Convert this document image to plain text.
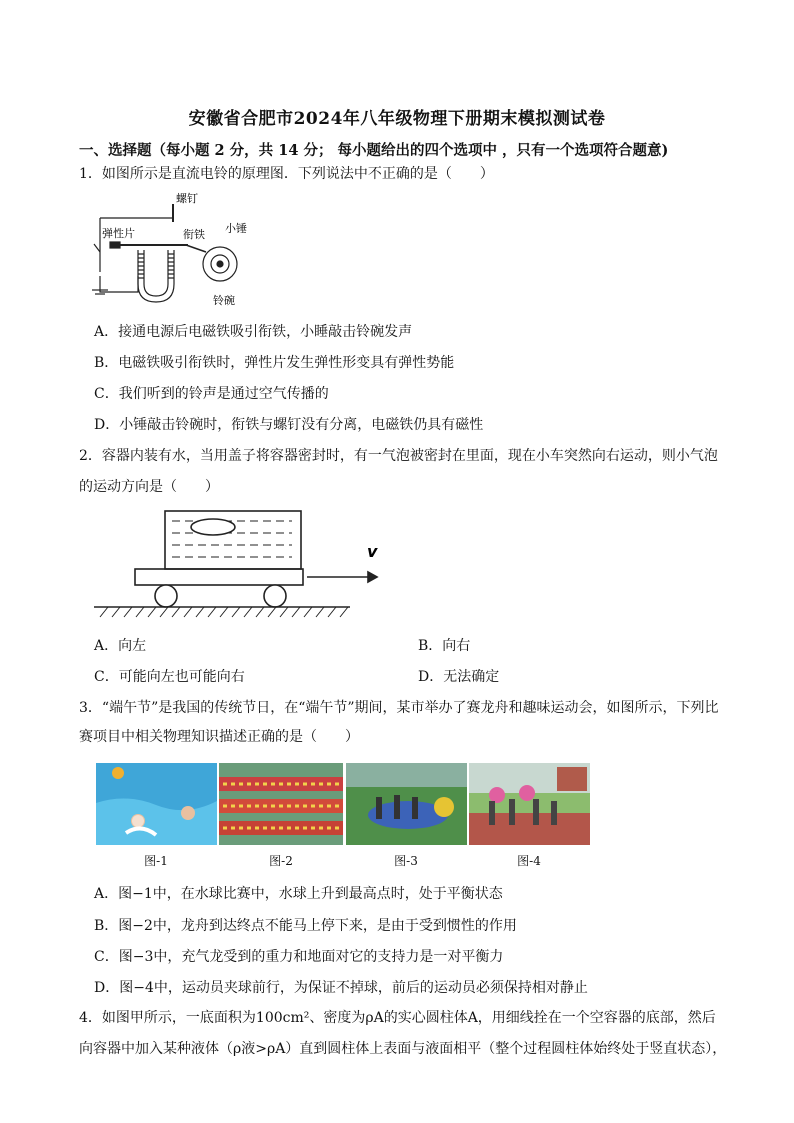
安徽省合肥市2024年八年级物理下册期末模拟测试卷
一、选择题（每小题 2 分，共 14 分； 每小题给出的四个选项中 ，只有一个选项符合题意)
1．如图所示是直流电铃的原理图．下列说法中不正确的是（　　）
螺钉
弹性片	衔铁 小锤
铃碗
A．接通电源后电磁铁吸引衔铁，小睡敲击铃碗发声
B．电磁铁吸引衔铁时，弹性片发生弹性形变具有弹性势能
C．我们听到的铃声是通过空气传播的
D．小锤敲击铃碗时，衔铁与螺钉没有分离，电磁铁仍具有磁性
2．容器内装有水，当用盖子将容器密封时，有一气泡被密封在里面，现在小车突然向右运动，则小气泡
的运动方向是（　　）
v
A．向左	B．向右
C．可能向左也可能向右	D．无法确定
3．“端午节”是我国的传统节日，在“端午节”期间，某市举办了赛龙舟和趣味运动会，如图所示，下列比
赛项目中相关物理知识描述正确的是（　　）
图-1	图-2	图-3	图-4
A．图−1中，在水球比赛中，水球上升到最高点时，处于平衡状态
B．图−2中，龙舟到达终点不能马上停下来，是由于受到惯性的作用
C．图−3中，充气龙受到的重力和地面对它的支持力是一对平衡力
D．图−4中，运动员夹球前行，为保证不掉球，前后的运动员必须保持相对静止
4．如图甲所示，一底面积为100cm²、密度为ρA的实心圆柱体A，用细线拴在一个空容器的底部，然后
向容器中加入某种液体（ρ液>ρA）直到圆柱体上表面与液面相平（整个过程圆柱体始终处于竖直状态），
